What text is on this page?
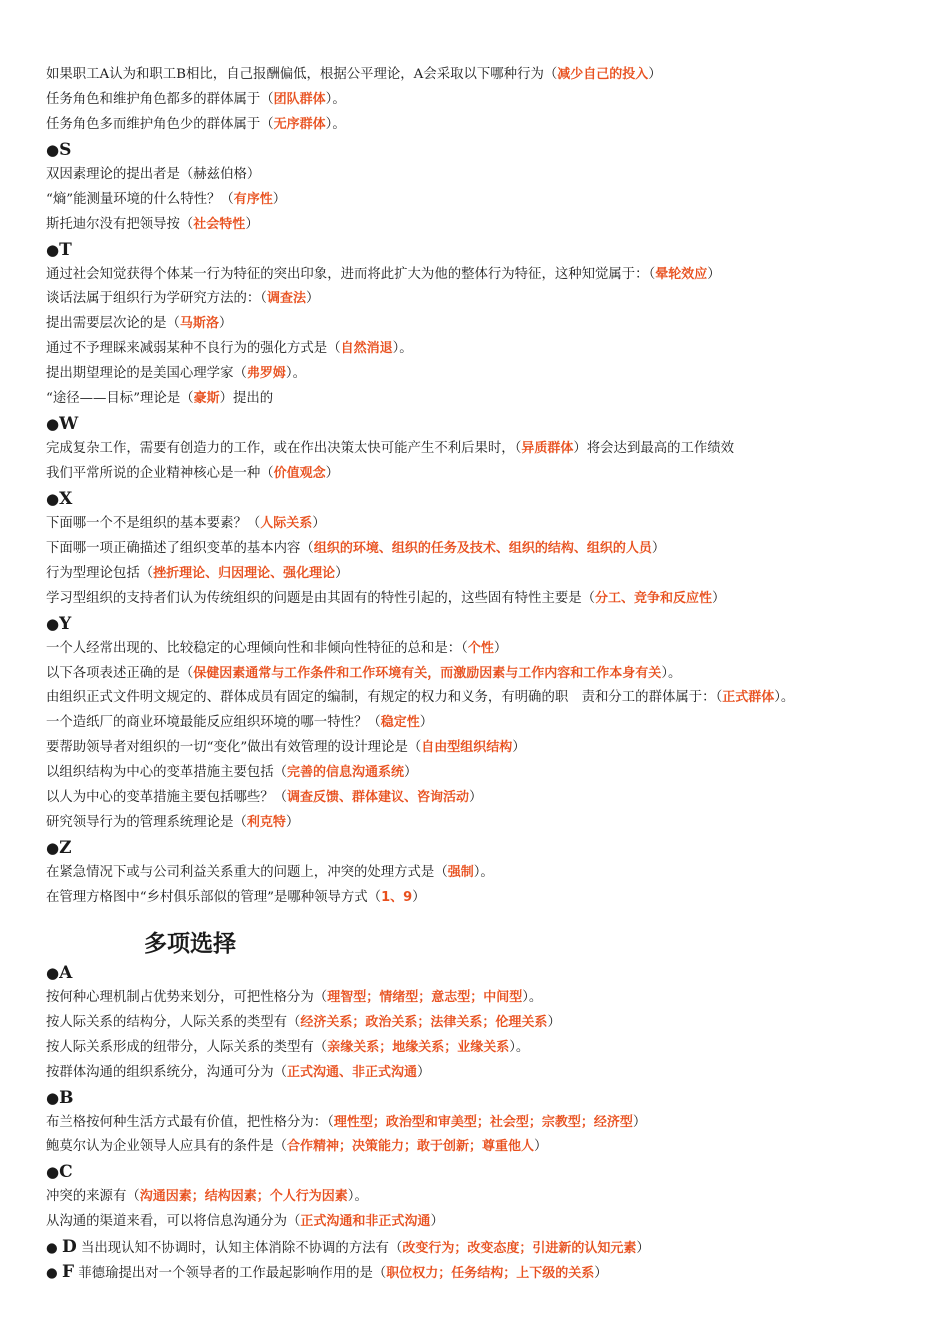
如果职工A认为和职工B相比，自己报酬偏低，根据公平理论，A会采取以下哪种行为（减少自己的投入）
任务角色和维护角色都多的群体属于（团队群体）。
任务角色多而维护角色少的群体属于（无序群体）。
●S
双因素理论的提出者是（赫兹伯格）
“熵”能测量环境的什么特性？（有序性）
斯托迪尔没有把领导按（社会特性）
●T
通过社会知觉获得个体某一行为特征的突出印象，进而将此扩大为他的整体行为特征，这种知觉属于：（晕轮效应）
谈话法属于组织行为学研究方法的：（调查法）
提出需要层次论的是（马斯洛）
通过不予理睬来减弱某种不良行为的强化方式是（自然消退）。
提出期望理论的是美国心理学家（弗罗姆）。
“途径——目标”理论是（豪斯）提出的
●W
完成复杂工作，需要有创造力的工作，或在作出决策太快可能产生不利后果时，（异质群体）将会达到最高的工作绩效
我们平常所说的企业精神核心是一种（价值观念）
●X
下面哪一个不是组织的基本要素？（人际关系）
下面哪一项正确描述了组织变革的基本内容（组织的环境、组织的任务及技术、组织的结构、组织的人员）
行为型理论包括（挫折理论、归因理论、强化理论）
学习型组织的支持者们认为传统组织的问题是由其固有的特性引起的，这些固有特性主要是（分工、竞争和反应性）
●Y
一个人经常出现的、比较稳定的心理倾向性和非倾向性特征的总和是：（个性）
以下各项表述正确的是（保健因素通常与工作条件和工作环境有关，而激励因素与工作内容和工作本身有关）。
由组织正式文件明文规定的、群体成员有固定的编制，有规定的权力和义务，有明确的职　责和分工的群体属于：（正式群体）。
一个造纸厂的商业环境最能反应组织环境的哪一特性？（稳定性）
要帮助领导者对组织的一切“变化”做出有效管理的设计理论是（自由型组织结构）
以组织结构为中心的变革措施主要包括（完善的信息沟通系统）
以人为中心的变革措施主要包括哪些？（调查反馈、群体建议、咨询活动）
研究领导行为的管理系统理论是（利克特）
●Z
在紧急情况下或与公司利益关系重大的问题上，冲突的处理方式是（强制）。
在管理方格图中“乡村俱乐部似的管理”是哪种领导方式（1、9）
多项选择
●A
按何种心理机制占优势来划分，可把性格分为（理智型；情绪型；意志型；中间型）。
按人际关系的结构分，人际关系的类型有（经济关系；政治关系；法律关系；伦理关系）
按人际关系形成的纽带分，人际关系的类型有（亲缘关系；地缘关系；业缘关系）。
按群体沟通的组织系统分，沟通可分为（正式沟通、非正式沟通）
●B
布兰格按何种生活方式最有价值，把性格分为：（理性型；政治型和审美型；社会型；宗教型；经济型）
鲍莫尔认为企业领导人应具有的条件是（合作精神；决策能力；敢于创新；尊重他人）
●C
冲突的来源有（沟通因素；结构因素；个人行为因素）。
从沟通的渠道来看，可以将信息沟通分为（正式沟通和非正式沟通）
● D 当出现认知不协调时，认知主体消除不协调的方法有（改变行为；改变态度；引进新的认知元素）
● F 菲德瑜提出对一个领导者的工作最起影响作用的是（职位权力；任务结构；上下级的关系）
